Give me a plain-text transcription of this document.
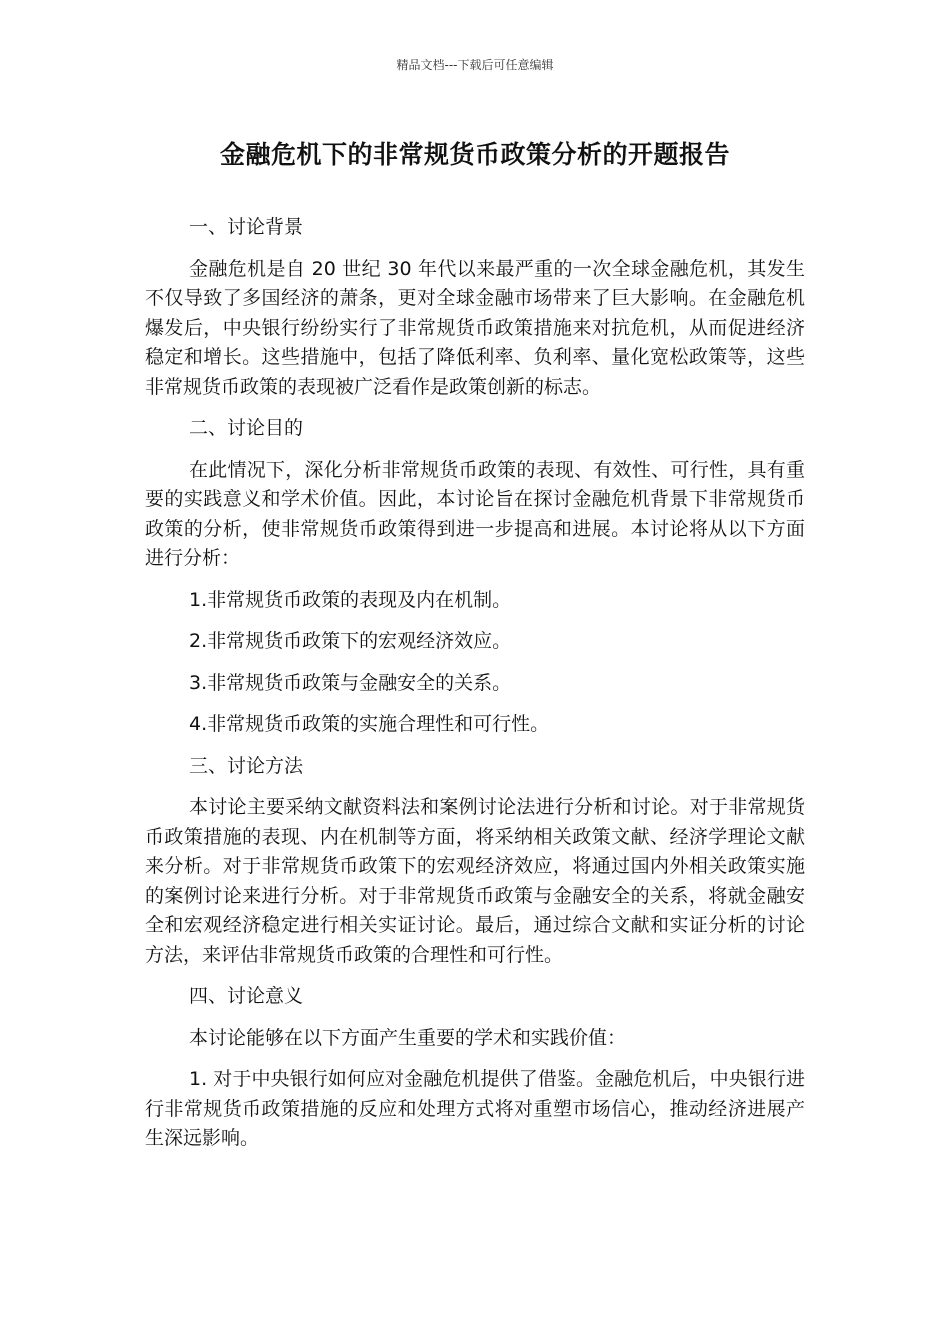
精品文档---下载后可任意编辑
金融危机下的非常规货币政策分析的开题报告

一、讨论背景

金融危机是自 20 世纪 30 年代以来最严重的一次全球金融危机，其发生不仅导致了多国经济的萧条，更对全球金融市场带来了巨大影响。在金融危机爆发后，中央银行纷纷实行了非常规货币政策措施来对抗危机，从而促进经济稳定和增长。这些措施中，包括了降低利率、负利率、量化宽松政策等，这些非常规货币政策的表现被广泛看作是政策创新的标志。

二、讨论目的

在此情况下，深化分析非常规货币政策的表现、有效性、可行性，具有重要的实践意义和学术价值。因此，本讨论旨在探讨金融危机背景下非常规货币政策的分析，使非常规货币政策得到进一步提高和进展。本讨论将从以下方面进行分析：

1.非常规货币政策的表现及内在机制。

2.非常规货币政策下的宏观经济效应。

3.非常规货币政策与金融安全的关系。

4.非常规货币政策的实施合理性和可行性。

三、讨论方法

本讨论主要采纳文献资料法和案例讨论法进行分析和讨论。对于非常规货币政策措施的表现、内在机制等方面，将采纳相关政策文献、经济学理论文献来分析。对于非常规货币政策下的宏观经济效应，将通过国内外相关政策实施的案例讨论来进行分析。对于非常规货币政策与金融安全的关系，将就金融安全和宏观经济稳定进行相关实证讨论。最后，通过综合文献和实证分析的讨论方法，来评估非常规货币政策的合理性和可行性。

四、讨论意义

本讨论能够在以下方面产生重要的学术和实践价值：

1. 对于中央银行如何应对金融危机提供了借鉴。金融危机后，中央银行进行非常规货币政策措施的反应和处理方式将对重塑市场信心，推动经济进展产生深远影响。
